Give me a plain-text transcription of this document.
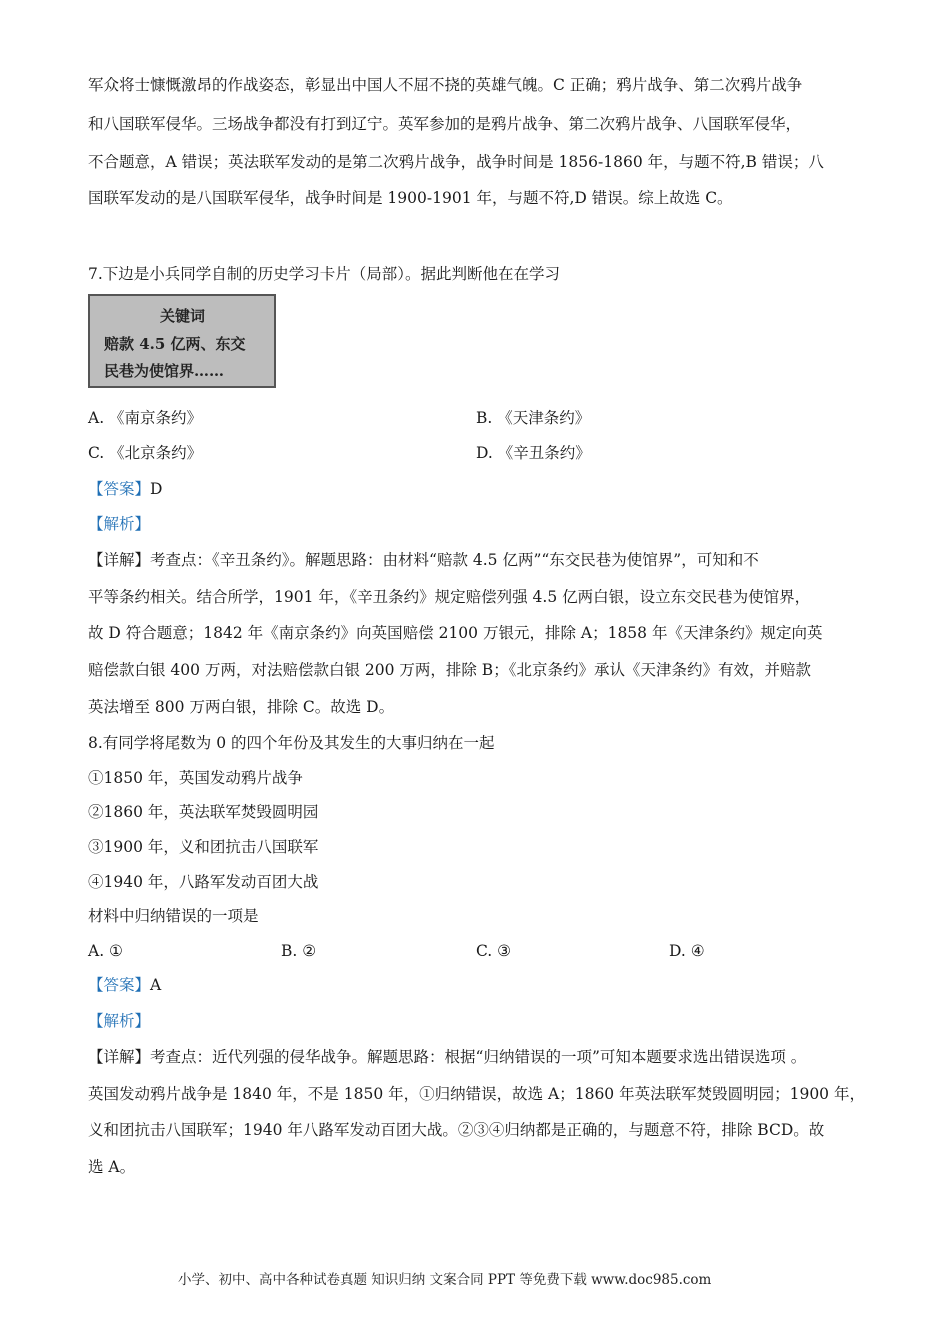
军众将士慷慨激昂的作战姿态，彰显出中国人不屈不挠的英雄气魄。C 正确；鸦片战争、第二次鸦片战争
和八国联军侵华。三场战争都没有打到辽宁。英军参加的是鸦片战争、第二次鸦片战争、八国联军侵华，
不合题意，A 错误；英法联军发动的是第二次鸦片战争，战争时间是 1856-1860 年，与题不符,B 错误；八
国联军发动的是八国联军侵华，战争时间是 1900-1901 年，与题不符,D 错误。综上故选 C。
7.下边是小兵同学自制的历史学习卡片（局部）。据此判断他在在学习
关键词
赔款 4.5 亿两、东交
民巷为使馆界……
A. 《南京条约》	B. 《天津条约》
C. 《北京条约》	D. 《辛丑条约》
【答案】D
【解析】
【详解】考查点：《辛丑条约》。解题思路：由材料“赔款 4.5 亿两”“东交民巷为使馆界”，可知和不
平等条约相关。结合所学，1901 年，《辛丑条约》规定赔偿列强 4.5 亿两白银，设立东交民巷为使馆界，
故 D 符合题意；1842 年《南京条约》向英国赔偿 2100 万银元，排除 A；1858 年《天津条约》规定向英
赔偿款白银 400 万两，对法赔偿款白银 200 万两，排除 B；《北京条约》承认《天津条约》有效，并赔款
英法增至 800 万两白银，排除 C。故选 D。
8.有同学将尾数为 0 的四个年份及其发生的大事归纳在一起
①1850 年，英国发动鸦片战争
②1860 年，英法联军焚毁圆明园
③1900 年，义和团抗击八国联军
④1940 年，八路军发动百团大战
材料中归纳错误的一项是
A. ①	B. ②	C. ③	D. ④
【答案】A
【解析】
【详解】考查点：近代列强的侵华战争。解题思路：根据“归纳错误的一项”可知本题要求选出错误选项 。
英国发动鸦片战争是 1840 年，不是 1850 年，①归纳错误，故选 A；1860 年英法联军焚毁圆明园；1900 年，
义和团抗击八国联军；1940 年八路军发动百团大战。②③④归纳都是正确的，与题意不符，排除 BCD。故
选 A。
小学、初中、高中各种试卷真题 知识归纳 文案合同 PPT 等免费下载 www.doc985.com
